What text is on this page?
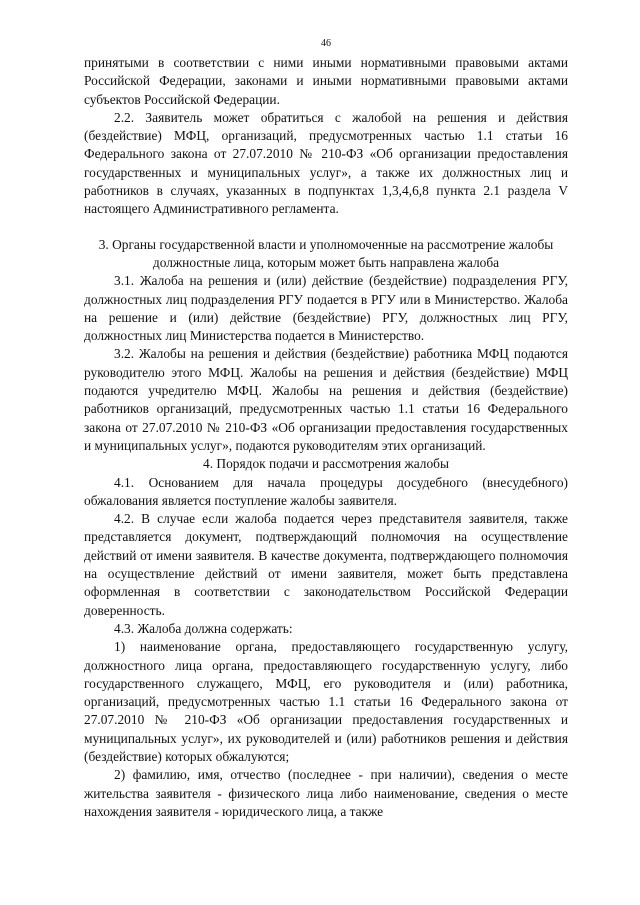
46

принятыми в соответствии с ними иными нормативными правовыми актами Российской Федерации, законами и иными нормативными правовыми актами субъектов Российской Федерации.

2.2. Заявитель может обратиться с жалобой на решения и действия (бездействие) МФЦ, организаций, предусмотренных частью 1.1 статьи 16 Федерального закона от 27.07.2010 № 210-ФЗ «Об организации предоставления государственных и муниципальных услуг», а также их должностных лиц и работников в случаях, указанных в подпунктах 1,3,4,6,8 пункта 2.1 раздела V настоящего Административного регламента.

3. Органы государственной власти и уполномоченные на рассмотрение жалобы должностные лица, которым может быть направлена жалоба

3.1. Жалоба на решения и (или) действие (бездействие) подразделения РГУ, должностных лиц подразделения РГУ подается в РГУ или в Министерство. Жалоба на решение и (или) действие (бездействие) РГУ, должностных лиц РГУ, должностных лиц Министерства подается в Министерство.

3.2. Жалобы на решения и действия (бездействие) работника МФЦ подаются руководителю этого МФЦ. Жалобы на решения и действия (бездействие) МФЦ подаются учредителю МФЦ. Жалобы на решения и действия (бездействие) работников организаций, предусмотренных частью 1.1 статьи 16 Федерального закона от 27.07.2010 № 210-ФЗ «Об организации предоставления государственных и муниципальных услуг», подаются руководителям этих организаций.

4. Порядок подачи и рассмотрения жалобы

4.1. Основанием для начала процедуры досудебного (внесудебного) обжалования является поступление жалобы заявителя.

4.2. В случае если жалоба подается через представителя заявителя, также представляется документ, подтверждающий полномочия на осуществление действий от имени заявителя. В качестве документа, подтверждающего полномочия на осуществление действий от имени заявителя, может быть представлена оформленная в соответствии с законодательством Российской Федерации доверенность.

4.3. Жалоба должна содержать:

1) наименование органа, предоставляющего государственную услугу, должностного лица органа, предоставляющего государственную услугу, либо государственного служащего, МФЦ, его руководителя и (или) работника, организаций, предусмотренных частью 1.1 статьи 16 Федерального закона от 27.07.2010 № 210-ФЗ «Об организации предоставления государственных и муниципальных услуг», их руководителей и (или) работников решения и действия (бездействие) которых обжалуются;

2) фамилию, имя, отчество (последнее - при наличии), сведения о месте жительства заявителя - физического лица либо наименование, сведения о месте нахождения заявителя - юридического лица, а также
